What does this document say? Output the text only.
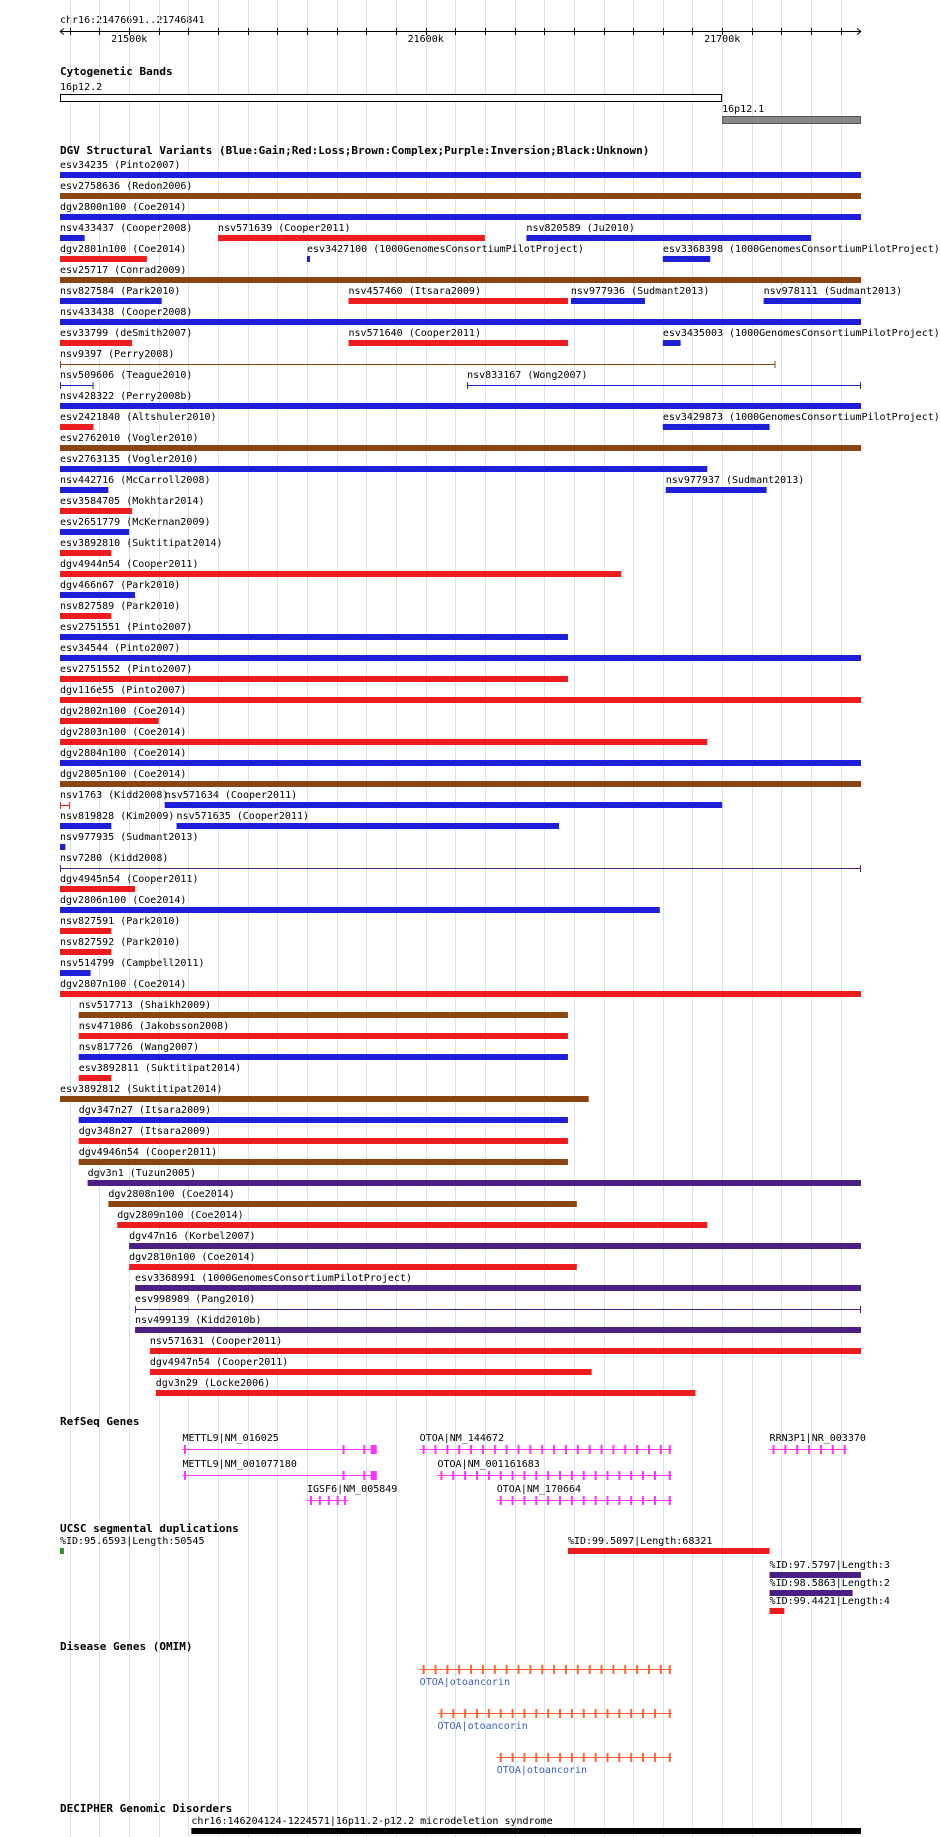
chr16:21476691..21746841
Cytogenetic Bands
DGV Structural Variants (Blue:Gain;Red:Loss;Brown:Complex;Purple:Inversion;Black:Unknown)
RefSeq Genes
UCSC segmental duplications
Disease Genes (OMIM)
DECIPHER Genomic Disorders
21500k	21600k	21700k
16p12.2
16p12.1
esv34235 (Pinto2007)
esv2758636 (Redon2006)
dgv2800n100 (Coe2014)
nsv433437 (Cooper2008)	nsv571639 (Cooper2011)	nsv820589 (Ju2010)
dgv2801n100 (Coe2014)	esv3427100 (1000GenomesConsortiumPilotProject)	esv3368398 (1000GenomesConsortiumPilotProject)
esv25717 (Conrad2009)
nsv827584 (Park2010)	nsv457460 (Itsara2009)	nsv977936 (Sudmant2013)	nsv978111 (Sudmant2013)
nsv433438 (Cooper2008)
esv33799 (deSmith2007)	nsv571640 (Cooper2011)	esv3435003 (1000GenomesConsortiumPilotProject)
nsv9397 (Perry2008)
nsv509606 (Teague2010)	nsv833167 (Wong2007)
nsv428322 (Perry2008b)
esv2421840 (Altshuler2010)	esv3429873 (1000GenomesConsortiumPilotProject)
esv2762010 (Vogler2010)
esv2763135 (Vogler2010)
nsv442716 (McCarroll2008)	nsv977937 (Sudmant2013)
esv3584705 (Mokhtar2014)
esv2651779 (McKernan2009)
esv3892810 (Suktitipat2014)
dgv4944n54 (Cooper2011)
dgv466n67 (Park2010)
nsv827589 (Park2010)
esv2751551 (Pinto2007)
esv34544 (Pinto2007)
esv2751552 (Pinto2007)
dgv116e55 (Pinto2007)
dgv2802n100 (Coe2014)
dgv2803n100 (Coe2014)
dgv2804n100 (Coe2014)
dgv2805n100 (Coe2014)
nsv1763 (Kidd2008)
nsv571634 (Cooper2011)
nsv819828 (Kim2009) nsv571635 (Cooper2011)
nsv977935 (Sudmant2013)
nsv7280 (Kidd2008)
dgv4945n54 (Cooper2011)
dgv2806n100 (Coe2014)
nsv827591 (Park2010)
nsv827592 (Park2010)
nsv514799 (Campbell2011)
dgv2807n100 (Coe2014)
nsv517713 (Shaikh2009)
nsv471086 (Jakobsson2008)
nsv817726 (Wang2007)
esv3892811 (Suktitipat2014)
esv3892812 (Suktitipat2014)
dgv347n27 (Itsara2009)
dgv348n27 (Itsara2009)
dgv4946n54 (Cooper2011)
dgv3n1 (Tuzun2005)
dgv2808n100 (Coe2014)
dgv2809n100 (Coe2014)
dgv47n16 (Korbel2007)
dgv2810n100 (Coe2014)
esv3368991 (1000GenomesConsortiumPilotProject)
esv998989 (Pang2010)
nsv499139 (Kidd2010b)
nsv571631 (Cooper2011)
dgv4947n54 (Cooper2011)
dgv3n29 (Locke2006)
METTL9|NM_016025
METTL9|NM_001077180
IGSF6|NM_005849
OTOA|NM_144672
OTOA|NM_001161683
OTOA|NM_170664
RRN3P1|NR_003370
%ID:95.6593|Length:50545	%ID:99.5097|Length:68321
%ID:97.5797|Length:3
%ID:98.5863|Length:2
%ID:99.4421|Length:4
OTOA|otoancorin
OTOA|otoancorin
OTOA|otoancorin
chr16:146204124-1224571|16p11.2-p12.2 microdeletion syndrome
